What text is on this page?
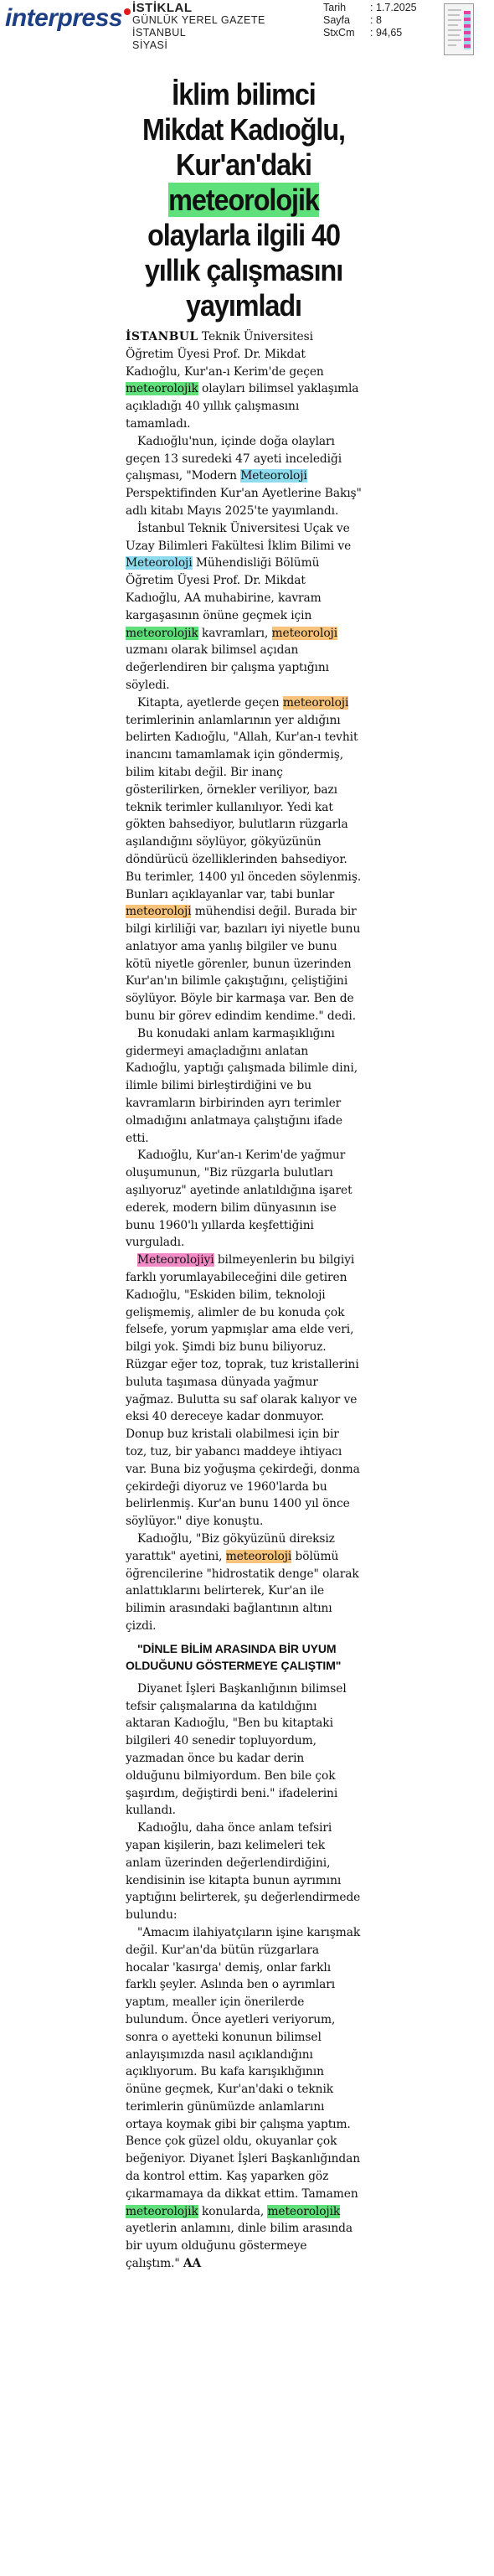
interpress İSTİKLAL
GÜNLÜK YEREL GAZETE
İSTANBUL
SİYASİ
Tarih	: 1.7.2025
Sayfa	: 8
StxCm	: 94,65
İklim bilimci Mikdat Kadıoğlu, Kur'an'daki meteorolojik olaylarla ilgili 40 yıllık çalışmasını yayımladı

İSTANBUL Teknik Üniversitesi Öğretim Üyesi Prof. Dr. Mikdat Kadıoğlu, Kur'an-ı Kerim'de geçen meteorolojik olayları bilimsel yaklaşımla açıkladığı 40 yıllık çalışmasını tamamladı.

Kadıoğlu'nun, içinde doğa olayları geçen 13 suredeki 47 ayeti incelediği çalışması, "Modern Meteoroloji Perspektifinden Kur'an Ayetlerine Bakış" adlı kitabı Mayıs 2025'te yayımlandı.

İstanbul Teknik Üniversitesi Uçak ve Uzay Bilimleri Fakültesi İklim Bilimi ve Meteoroloji Mühendisliği Bölümü Öğretim Üyesi Prof. Dr. Mikdat Kadıoğlu, AA muhabirine, kavram kargaşasının önüne geçmek için meteorolojik kavramları, meteoroloji uzmanı olarak bilimsel açıdan değerlendiren bir çalışma yaptığını söyledi.

Kitapta, ayetlerde geçen meteoroloji terimlerinin anlamlarının yer aldığını belirten Kadıoğlu, "Allah, Kur'an-ı tevhit inancını tamamlamak için göndermiş, bilim kitabı değil. Bir inanç gösterilirken, örnekler veriliyor, bazı teknik terimler kullanılıyor. Yedi kat gökten bahsediyor, bulutların rüzgarla aşılandığını söylüyor, gökyüzünün döndürücü özelliklerinden bahsediyor. Bu terimler, 1400 yıl önceden söylenmiş. Bunları açıklayanlar var, tabi bunlar meteoroloji mühendisi değil. Burada bir bilgi kirliliği var, bazıları iyi niyetle bunu anlatıyor ama yanlış bilgiler ve bunu kötü niyetle görenler, bunun üzerinden Kur'an'ın bilimle çakıştığını, çeliştiğini söylüyor. Böyle bir karmaşa var. Ben de bunu bir görev edindim kendime." dedi.

Bu konudaki anlam karmaşıklığını gidermeyi amaçladığını anlatan Kadıoğlu, yaptığı çalışmada bilimle dini, ilimle bilimi birleştirdiğini ve bu kavramların birbirinden ayrı terimler olmadığını anlatmaya çalıştığını ifade etti.

Kadıoğlu, Kur'an-ı Kerim'de yağmur oluşumunun, "Biz rüzgarla bulutları aşılıyoruz" ayetinde anlatıldığına işaret ederek, modern bilim dünyasının ise bunu 1960'lı yıllarda keşfettiğini vurguladı.

Meteorolojiyi bilmeyenlerin bu bilgiyi farklı yorumlayabileceğini dile getiren Kadıoğlu, "Eskiden bilim, teknoloji gelişmemiş, alimler de bu konuda çok felsefe, yorum yapmışlar ama elde veri, bilgi yok. Şimdi biz bunu biliyoruz. Rüzgar eğer toz, toprak, tuz kristallerini buluta taşımasa dünyada yağmur yağmaz. Bulutta su saf olarak kalıyor ve eksi 40 dereceye kadar donmuyor. Donup buz kristali olabilmesi için bir toz, tuz, bir yabancı maddeye ihtiyacı var. Buna biz yoğuşma çekirdeği, donma çekirdeği diyoruz ve 1960'larda bu belirlenmiş. Kur'an bunu 1400 yıl önce söylüyor." diye konuştu.

Kadıoğlu, "Biz gökyüzünü direksiz yarattık" ayetini, meteoroloji bölümü öğrencilerine "hidrostatik denge" olarak anlattıklarını belirterek, Kur'an ile bilimin arasındaki bağlantının altını çizdi.

"DİNLE BİLİM ARASINDA BİR UYUM OLDUĞUNU GÖSTERMEYE ÇALIŞTIM"

Diyanet İşleri Başkanlığının bilimsel tefsir çalışmalarına da katıldığını aktaran Kadıoğlu, "Ben bu kitaptaki bilgileri 40 senedir topluyordum, yazmadan önce bu kadar derin olduğunu bilmiyordum. Ben bile çok şaşırdım, değiştirdi beni." ifadelerini kullandı.

Kadıoğlu, daha önce anlam tefsiri yapan kişilerin, bazı kelimeleri tek anlam üzerinden değerlendirdiğini, kendisinin ise kitapta bunun ayrımını yaptığını belirterek, şu değerlendirmede bulundu:

"Amacım ilahiyatçıların işine karışmak değil. Kur'an'da bütün rüzgarlara hocalar 'kasırga' demiş, onlar farklı farklı şeyler. Aslında ben o ayrımları yaptım, mealler için önerilerde bulundum. Önce ayetleri veriyorum, sonra o ayetteki konunun bilimsel anlayışımızda nasıl açıklandığını açıklıyorum. Bu kafa karışıklığının önüne geçmek, Kur'an'daki o teknik terimlerin günümüzde anlamlarını ortaya koymak gibi bir çalışma yaptım. Bence çok güzel oldu, okuyanlar çok beğeniyor. Diyanet İşleri Başkanlığından da kontrol ettim. Kaş yaparken göz çıkarmamaya da dikkat ettim. Tamamen meteorolojik konularda, meteorolojik ayetlerin anlamını, dinle bilim arasında bir uyum olduğunu göstermeye çalıştım." AA
